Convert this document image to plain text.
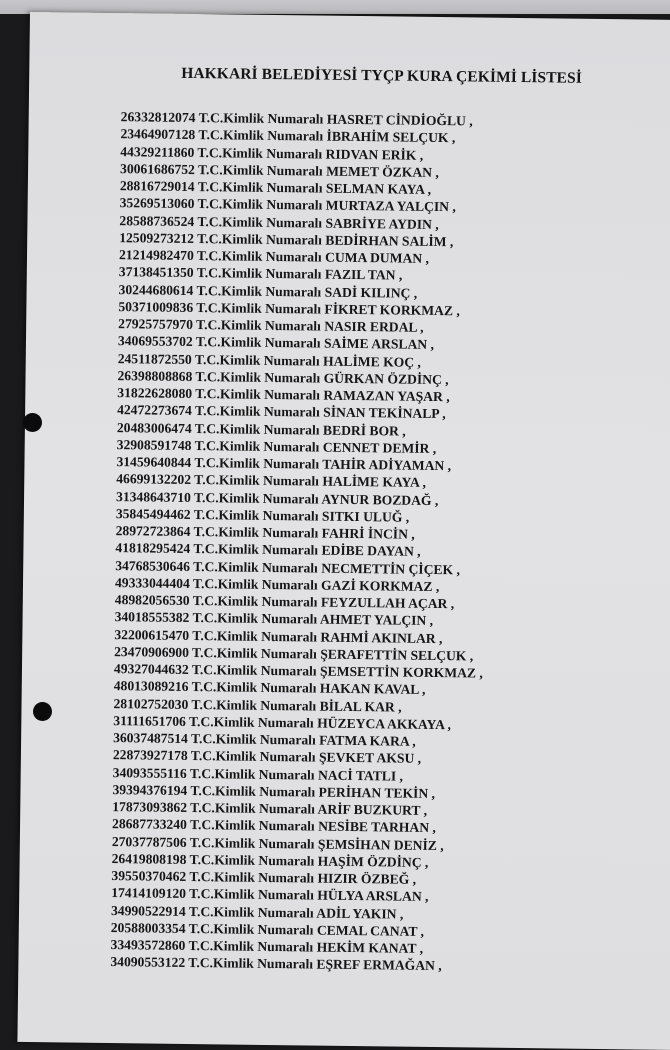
HAKKARİ BELEDİYESİ TYÇP KURA ÇEKİMİ LİSTESİ
26332812074 T.C.Kimlik Numaralı HASRET CİNDİOĞLU ,
23464907128 T.C.Kimlik Numaralı İBRAHİM SELÇUK ,
44329211860 T.C.Kimlik Numaralı RIDVAN ERİK ,
30061686752 T.C.Kimlik Numaralı MEMET ÖZKAN ,
28816729014 T.C.Kimlik Numaralı SELMAN KAYA ,
35269513060 T.C.Kimlik Numaralı MURTAZA YALÇIN ,
28588736524 T.C.Kimlik Numaralı SABRİYE AYDIN ,
12509273212 T.C.Kimlik Numaralı BEDİRHAN SALİM ,
21214982470 T.C.Kimlik Numaralı CUMA DUMAN ,
37138451350 T.C.Kimlik Numaralı FAZIL TAN ,
30244680614 T.C.Kimlik Numaralı SADİ KILINÇ ,
50371009836 T.C.Kimlik Numaralı FİKRET KORKMAZ ,
27925757970 T.C.Kimlik Numaralı NASIR ERDAL ,
34069553702 T.C.Kimlik Numaralı SAİME ARSLAN ,
24511872550 T.C.Kimlik Numaralı HALİME KOÇ ,
26398808868 T.C.Kimlik Numaralı GÜRKAN ÖZDİNÇ ,
31822628080 T.C.Kimlik Numaralı RAMAZAN YAŞAR ,
42472273674 T.C.Kimlik Numaralı SİNAN TEKİNALP ,
20483006474 T.C.Kimlik Numaralı BEDRİ BOR ,
32908591748 T.C.Kimlik Numaralı CENNET DEMİR ,
31459640844 T.C.Kimlik Numaralı TAHİR ADİYAMAN ,
46699132202 T.C.Kimlik Numaralı HALİME KAYA ,
31348643710 T.C.Kimlik Numaralı AYNUR BOZDAĞ ,
35845494462 T.C.Kimlik Numaralı SITKI ULUĞ ,
28972723864 T.C.Kimlik Numaralı FAHRİ İNCİN ,
41818295424 T.C.Kimlik Numaralı EDİBE DAYAN ,
34768530646 T.C.Kimlik Numaralı NECMETTİN ÇİÇEK ,
49333044404 T.C.Kimlik Numaralı GAZİ KORKMAZ ,
48982056530 T.C.Kimlik Numaralı FEYZULLAH AÇAR ,
34018555382 T.C.Kimlik Numaralı AHMET YALÇIN ,
32200615470 T.C.Kimlik Numaralı RAHMİ AKINLAR ,
23470906900 T.C.Kimlik Numaralı ŞERAFETTİN SELÇUK ,
49327044632 T.C.Kimlik Numaralı ŞEMSETTİN KORKMAZ ,
48013089216 T.C.Kimlik Numaralı HAKAN KAVAL ,
28102752030 T.C.Kimlik Numaralı BİLAL KAR ,
31111651706 T.C.Kimlik Numaralı HÜZEYCA AKKAYA ,
36037487514 T.C.Kimlik Numaralı FATMA KARA ,
22873927178 T.C.Kimlik Numaralı ŞEVKET AKSU ,
34093555116 T.C.Kimlik Numaralı NACİ TATLI ,
39394376194 T.C.Kimlik Numaralı PERİHAN TEKİN ,
17873093862 T.C.Kimlik Numaralı ARİF BUZKURT ,
28687733240 T.C.Kimlik Numaralı NESİBE TARHAN ,
27037787506 T.C.Kimlik Numaralı ŞEMSİHAN DENİZ ,
26419808198 T.C.Kimlik Numaralı HAŞİM ÖZDİNÇ ,
39550370462 T.C.Kimlik Numaralı HIZIR ÖZBEĞ ,
17414109120 T.C.Kimlik Numaralı HÜLYA ARSLAN ,
34990522914 T.C.Kimlik Numaralı ADİL YAKIN ,
20588003354 T.C.Kimlik Numaralı CEMAL CANAT ,
33493572860 T.C.Kimlik Numaralı HEKİM KANAT ,
34090553122 T.C.Kimlik Numaralı EŞREF ERMAĞAN ,
